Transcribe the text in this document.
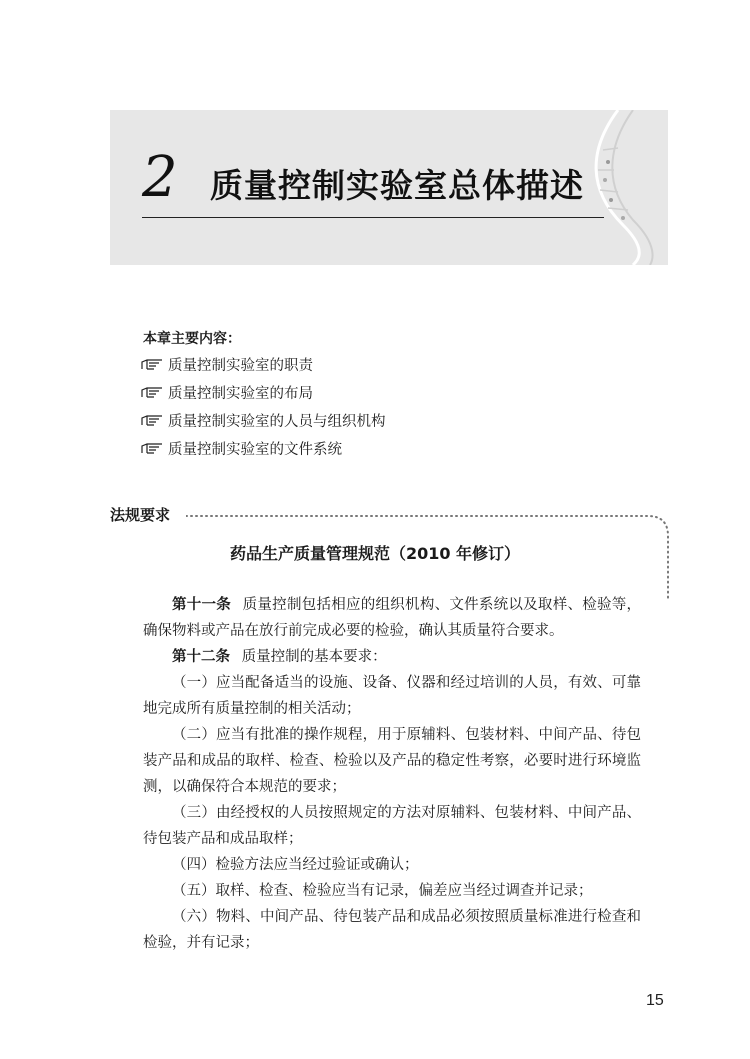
2 质量控制实验室总体描述
本章主要内容：
质量控制实验室的职责
质量控制实验室的布局
质量控制实验室的人员与组织机构
质量控制实验室的文件系统
法规要求
药品生产质量管理规范（2010 年修订）

第十一条 质量控制包括相应的组织机构、文件系统以及取样、检验等，确保物料或产品在放行前完成必要的检验，确认其质量符合要求。

第十二条 质量控制的基本要求：

（一）应当配备适当的设施、设备、仪器和经过培训的人员，有效、可靠地完成所有质量控制的相关活动；

（二）应当有批准的操作规程，用于原辅料、包装材料、中间产品、待包装产品和成品的取样、检查、检验以及产品的稳定性考察，必要时进行环境监测，以确保符合本规范的要求；

（三）由经授权的人员按照规定的方法对原辅料、包装材料、中间产品、待包装产品和成品取样；

（四）检验方法应当经过验证或确认；

（五）取样、检查、检验应当有记录，偏差应当经过调查并记录；

（六）物料、中间产品、待包装产品和成品必须按照质量标准进行检查和检验，并有记录；

15
